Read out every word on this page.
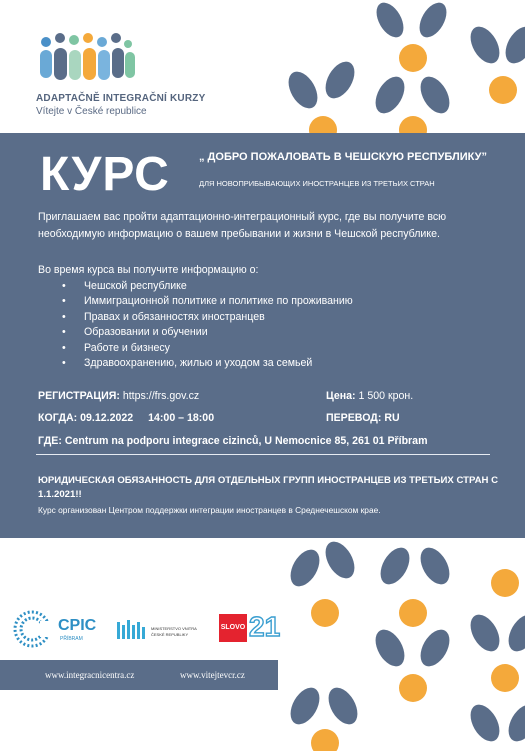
ADAPTAČNĚ INTEGRAČNÍ KURZY
Vítejte v České republice
КУРС	„ ДОБРО ПОЖАЛОВАТЬ В ЧЕШСКУЮ РЕСПУБЛИКУ”
ДЛЯ НОВОПРИБЫВАЮЩИХ ИНОСТРАНЦЕВ ИЗ ТРЕТЬИХ СТРАН

Приглашаем вас пройти адаптационно-интеграционный курс, где вы получите всю необходимую информацию о вашем пребывании и жизни в Чешской республике.

Во время курса вы получите информацию о:
• Чешской республике
• Иммиграционной политике и политике по проживанию
• Правах и обязанностях иностранцев
• Образовании и обучении
• Работе и бизнесу
• Здравоохранению, жилью и уходом за семьей
РЕГИСТРАЦИЯ: https://frs.gov.cz	Цена: 1 500 крон.
КОГДА: 09.12.2022 14:00 – 18:00	ПЕРЕВОД: RU
ГДЕ: Centrum na podporu integrace cizinců, U Nemocnice 85, 261 01 Příbram
ЮРИДИЧЕСКАЯ ОБЯЗАННОСТЬ ДЛЯ ОТДЕЛЬНЫХ ГРУПП ИНОСТРАНЦЕВ ИЗ ТРЕТЬИХ СТРАН С 1.1.2021!!
Курс организован Центром поддержки интеграции иностранцев в Среднечешском крае.
CPIC
PŘÍBRAM
MINISTERSTVO VNITRA
ČESKÉ REPUBLIKY
SLOVO 21
www.integracnicentra.cz	www.vitejtevcr.cz
